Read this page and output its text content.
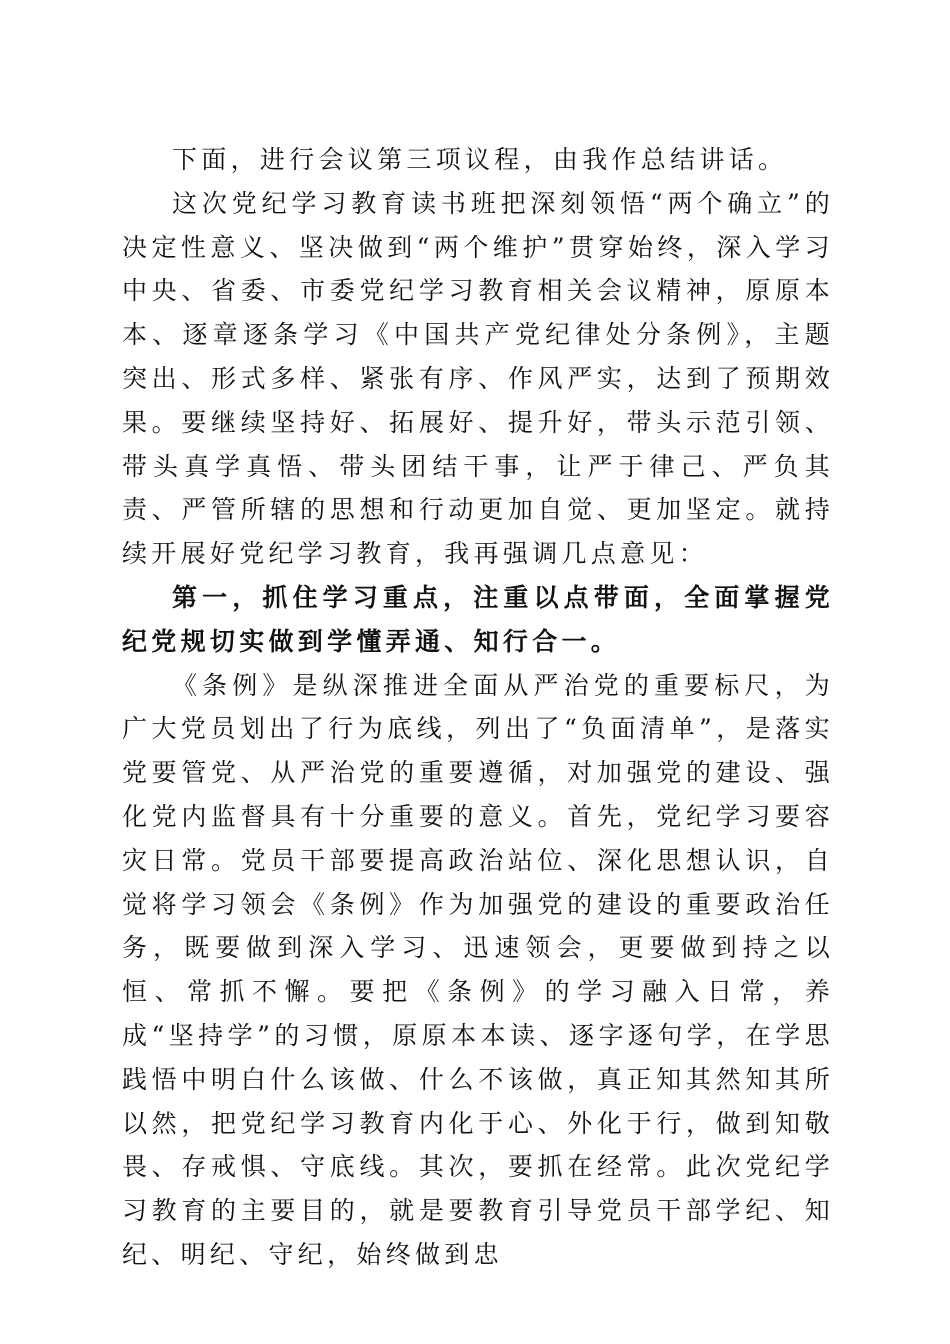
下面，进行会议第三项议程，由我作总结讲话。

这次党纪学习教育读书班把深刻领悟“两个确立”的决定性意义、坚决做到“两个维护”贯穿始终，深入学习中央、省委、市委党纪学习教育相关会议精神，原原本本、逐章逐条学习《中国共产党纪律处分条例》，主题突出、形式多样、紧张有序、作风严实，达到了预期效果。要继续坚持好、拓展好、提升好，带头示范引领、带头真学真悟、带头团结干事，让严于律己、严负其责、严管所辖的思想和行动更加自觉、更加坚定。就持续开展好党纪学习教育，我再强调几点意见：

第一，抓住学习重点，注重以点带面，全面掌握党纪党规切实做到学懂弄通、知行合一。

《条例》是纵深推进全面从严治党的重要标尺，为广大党员划出了行为底线，列出了“负面清单”，是落实党要管党、从严治党的重要遵循，对加强党的建设、强化党内监督具有十分重要的意义。首先，党纪学习要容灾日常。党员干部要提高政治站位、深化思想认识，自觉将学习领会《条例》作为加强党的建设的重要政治任务，既要做到深入学习、迅速领会，更要做到持之以恒、常抓不懈。要把《条例》的学习融入日常，养成“坚持学”的习惯，原原本本读、逐字逐句学，在学思践悟中明白什么该做、什么不该做，真正知其然知其所以然，把党纪学习教育内化于心、外化于行，做到知敬畏、存戒惧、守底线。其次，要抓在经常。此次党纪学习教育的主要目的，就是要教育引导党员干部学纪、知纪、明纪、守纪，始终做到忠
